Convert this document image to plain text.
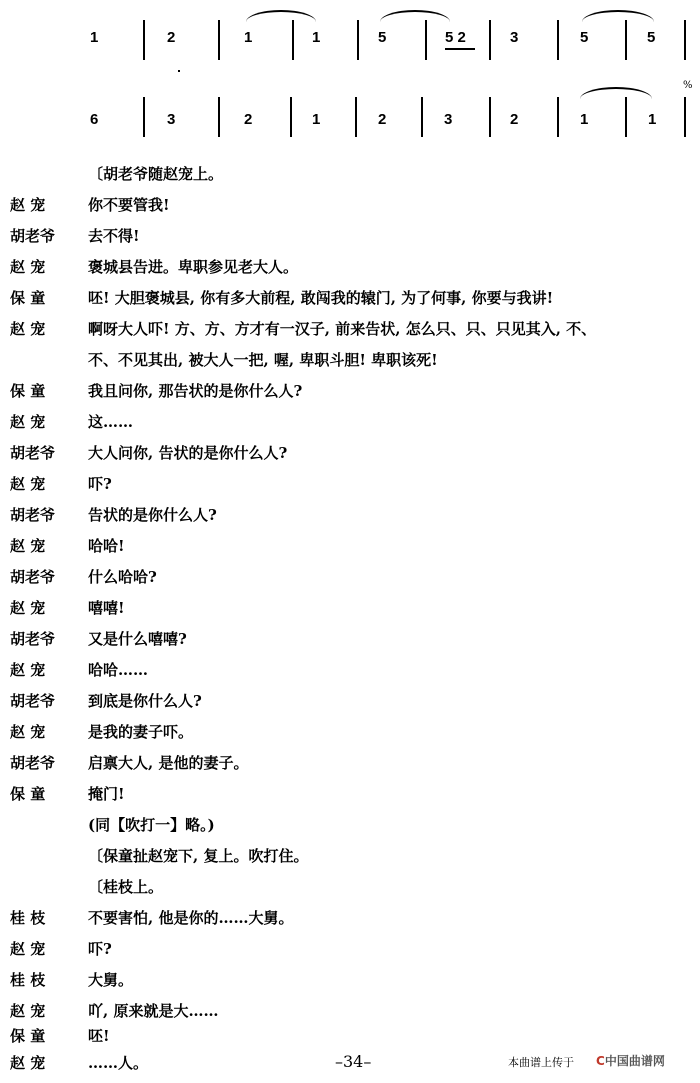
1	2	1	1	5	5 2	3	5	5
6	3	2	1	2	3	2	1	1
%
〔胡老爷随赵宠上。
赵 宠	你不要管我!
胡老爷 去不得!
赵 宠	褒城县告进。卑职参见老大人。
保 童	呸! 大胆褒城县, 你有多大前程, 敢闯我的辕门, 为了何事, 你要与我讲!
赵 宠	啊呀大人吓! 方、方、方才有一汉子, 前来告状, 怎么只、只、只见其入, 不、
不、不见其出, 被大人一把, 喔, 卑职斗胆! 卑职该死!
保 童	我且问你, 那告状的是你什么人?
赵 宠	这……
胡老爷 大人问你, 告状的是你什么人?
赵 宠	吓?
胡老爷 告状的是你什么人?
赵 宠	哈哈!
胡老爷 什么哈哈?
赵 宠	嘻嘻!
胡老爷 又是什么嘻嘻?
赵 宠	哈哈……
胡老爷 到底是你什么人?
赵 宠	是我的妻子吓。
胡老爷 启禀大人, 是他的妻子。
保 童	掩门!
(同【吹打一】略。)
〔保童扯赵宠下, 复上。吹打住。
〔桂枝上。
桂 枝	不要害怕, 他是你的……大舅。
赵 宠	吓?
桂 枝	大舅。
赵 宠	吖, 原来就是大……
保 童	呸!
赵 宠	……人。	–34–	本曲谱上传于 C中国曲谱网
